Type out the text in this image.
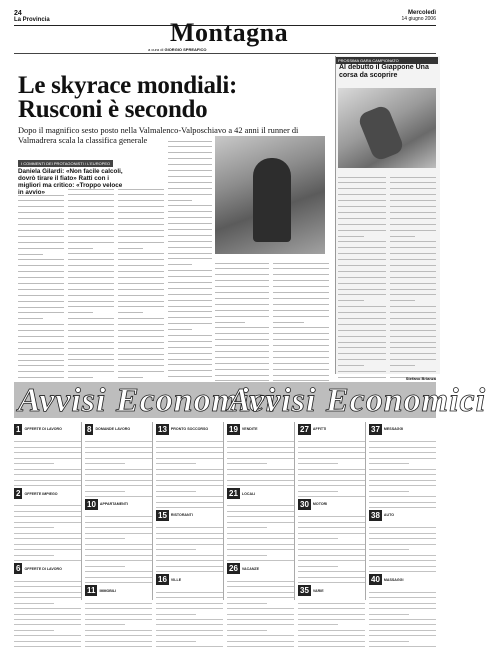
24
La Provincia
Mercoledì
14 giugno 2006
Montagna
a cura di GIORGIO SPREAFICO
Le skyrace mondiali: Rusconi è secondo
Dopo il magnifico sesto posto nella Valmalenco-Valposchiavo a 42 anni il runner di Valmadrera scala la classifica generale
I COMMENTI DEI PROTAGONISTI / L'EUROPEO
Daniela Gilardi: «Non facile calcoli, dovrò tirare il fiato» Ratti con i migliori ma critico: «Troppo veloce in avvio»
PROSSIMA GARA CAMPIONATO
Al debutto il Giappone Una corsa da scoprire
Stefano Brianza
Avvisi Economici
Avvisi Economici
1	OFFERTE DI LAVORO
2	OFFERTE IMPIEGO
6	OFFERTE DI LAVORO
8	DOMANDE LAVORO
10	APPARTAMENTI
11	IMMOBILI
13	PRONTO SOCCORSO
15	RISTORANTI
16	VILLE
19	VENDITE
21	LOCALI
26	VACANZE
27	AFFITTI
30	MOTORI
35	VARIE
37	MESSAGGI
38	AUTO
40	MASSAGGI
